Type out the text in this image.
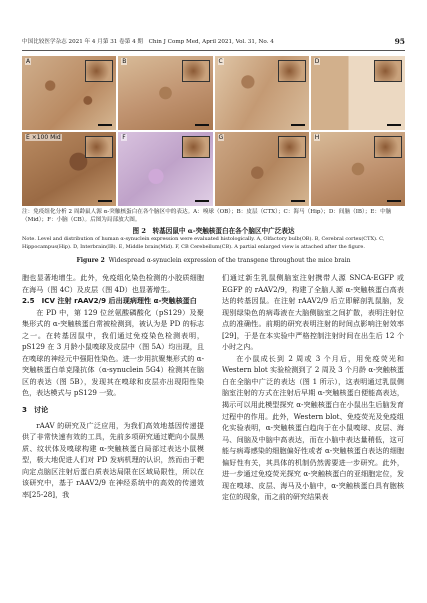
中国比较医学杂志 2021 年 4 月第 31 卷第 4 期　Chin J Comp Med, April 2021, Vol. 31, No. 4	95
A	B	C	D
E ×100 Mid	F	G	H
注：免疫组化分析 2 周龄鼠人源 α-突触核蛋白在各个脑区中的表达。A：嗅球（OB）；B：皮层（CTX）；C：海马（Hip）；D：间脑（IB）；E：中脑（Mid）；F：小脑（CB）。后图为局部放大图。
图 2　转基因鼠中 α-突触核蛋白在各个脑区中广泛表达
Note. Level and distribution of human α-synuclein expression were evaluated histologically. A, Olfactory bulb(OB). B, Cerebral cortex(CTX). C, Hippocampus(Hip). D, Interbrain(IB). E, Middle brain(Mid). F, CB Cerebellum(CB). A partial enlarged view is attached after the figure.
Figure 2 Widespread α-synuclein expression of the transgene throughout the mice brain

胞也显著地增生。此外，免疫组化染色检测的小胶质细胞在海马（图 4C）及皮层（图 4D）也显著增生。

2.5　ICV 注射 rAAV2/9 后出现病理性 α-突触核蛋白

在 PD 中，第 129 位丝氨酸磷酸化（pS129）及聚集形式的 α-突触核蛋白常被检测到，被认为是 PD 的标志之一。在转基因鼠中，我们通过免疫染色检测表明，pS129 在 3 月龄小鼠嗅球及皮层中（图 5A）均出现，且在嗅球的神经元中强阳性染色。进一步用抗聚集形式的 α-突触核蛋白单克隆抗体（α-synuclein 5G4）检测其在脑区的表达（图 5B），发现其在嗅球和皮层亦出现阳性染色，表达模式与 pS129 一致。

3　讨论

rAAV 的研究及广泛应用，为我们高效地基因传递提供了非常快速有效的工具，先前多项研究通过靶向小鼠黑质、纹状体及嗅球构建 α-突触核蛋白局部过表达小鼠模型，极大地促进人们对 PD 发病机理的认识，然而由于靶向定点脑区注射后蛋白质表达局限在区域局限性，所以在该研究中，基于 rAAV2/9 在神经系统中的高效的传递效率[25-28]，我

们通过新生乳鼠侧脑室注射携带人源 SNCA-EGFP 或 EGFP 的 rAAV2/9，构建了全脑人源 α-突触核蛋白高表达的转基因鼠。在注射 rAAV2/9 后立即解剖乳鼠脑，发现别绿染色的病毒液在大脑侧脑室之间扩散，表明注射位点的准确性。前期的研究表明注射的时间点影响注射效率[29]，于是在本实验中严格控制注射时间在出生后 12 个小时之内。

在小鼠成长到 2 周或 3 个月后，用免疫荧光和 Western blot 实验检测到了 2 周及 3 个月龄 α-突触核蛋白在全脑中广泛的表达（图 1 所示），这表明通过乳鼠侧脑室注射的方式在注射后早期 α-突触核蛋白便能高表达，揭示可以用此模型探究 α-突触核蛋白在小鼠出生后脑发育过程中的作用。此外，Western blot、免疫荧光及免疫组化实验表明，α-突触核蛋白趋向于在小鼠嗅球、皮层、海马、间脑及中脑中高表达，而在小脑中表达量稍低，这可能与病毒感染的细胞偏好性或者 α-突触核蛋白表达的细胞偏好性有关，其具体的机制仍然需要进一步研究。此外，进一步通过免疫荧光探究 α-突触核蛋白的亚细胞定位，发现在嗅球、皮层、海马及小脑中，α-突触核蛋白具有胞核定位的现象，而之前的研究结果表
